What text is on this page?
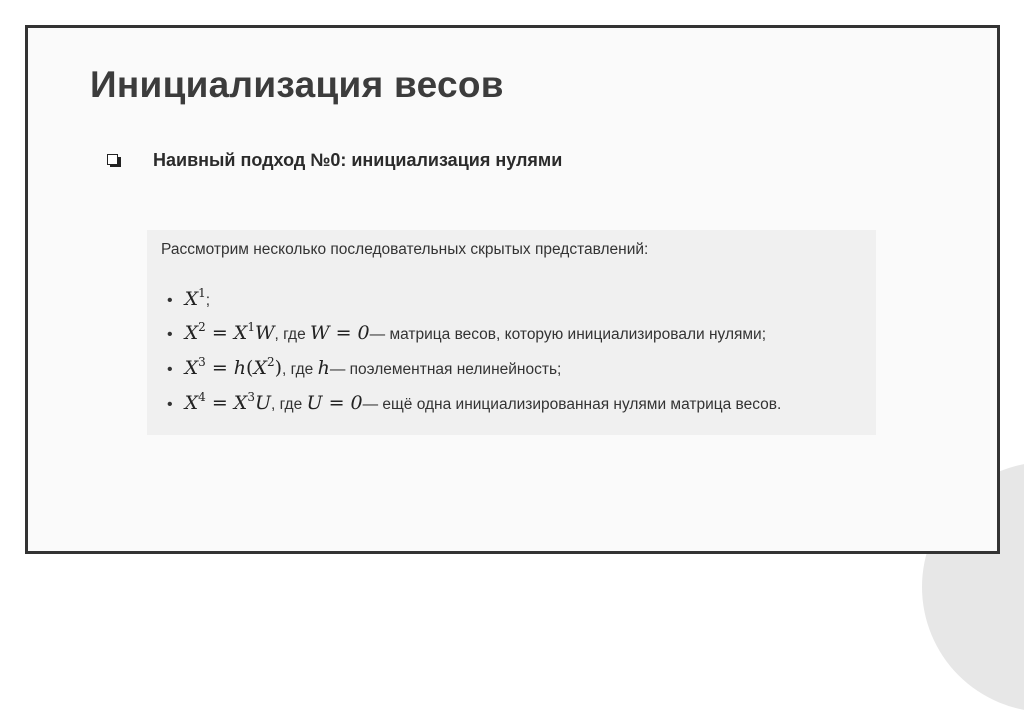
Инициализация весов
Наивный подход №0: инициализация нулями

Рассмотрим несколько последовательных скрытых представлений:

• $X^1$ ;
• $X^2 = X^1W$ , где W = 0 — матрица весов, которую инициализировали нулями;
• $X^3 = h(X^2)$ , где h — поэлементная нелинейность;
• $X^4 = X^3U$ , где U = 0 — ещё одна инициализированная нулями матрица весов.
